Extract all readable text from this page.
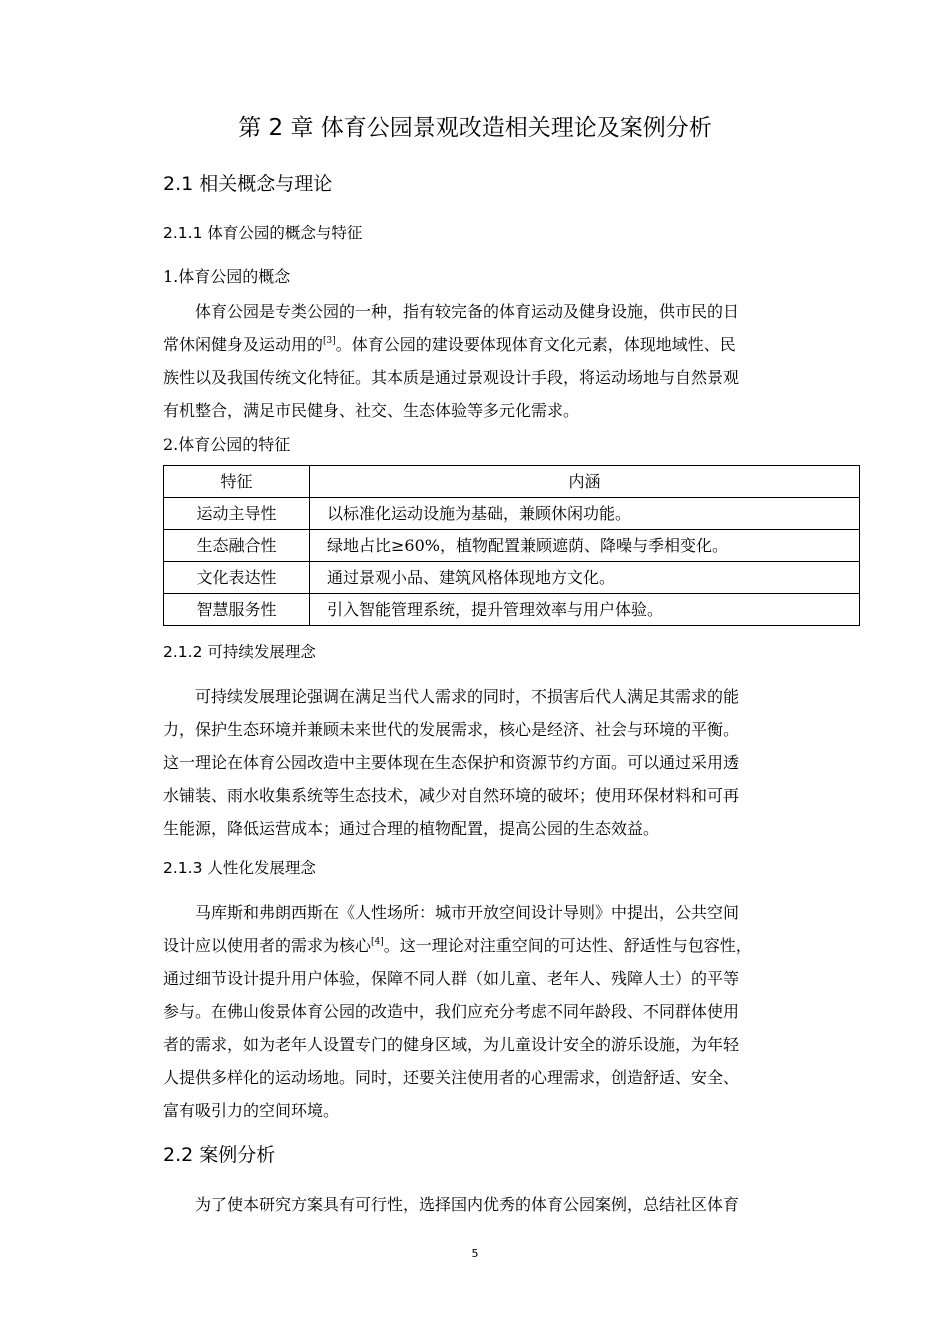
第 2 章 体育公园景观改造相关理论及案例分析
2.1 相关概念与理论
2.1.1 体育公园的概念与特征
1.体育公园的概念
体育公园是专类公园的一种，指有较完备的体育运动及健身设施，供市民的日
常休闲健身及运动用的[3]。体育公园的建设要体现体育文化元素，体现地域性、民
族性以及我国传统文化特征。其本质是通过景观设计手段，将运动场地与自然景观
有机整合，满足市民健身、社交、生态体验等多元化需求。
2.体育公园的特征
特征	内涵
运动主导性	以标准化运动设施为基础，兼顾休闲功能。
生态融合性	绿地占比≥60%，植物配置兼顾遮荫、降噪与季相变化。
文化表达性	通过景观小品、建筑风格体现地方文化。
智慧服务性	引入智能管理系统，提升管理效率与用户体验。
2.1.2 可持续发展理念
可持续发展理论强调在满足当代人需求的同时，不损害后代人满足其需求的能
力，保护生态环境并兼顾未来世代的发展需求，核心是经济、社会与环境的平衡。
这一理论在体育公园改造中主要体现在生态保护和资源节约方面。可以通过采用透
水铺装、雨水收集系统等生态技术，减少对自然环境的破坏；使用环保材料和可再
生能源，降低运营成本；通过合理的植物配置，提高公园的生态效益。
2.1.3 人性化发展理念
马库斯和弗朗西斯在《人性场所：城市开放空间设计导则》中提出，公共空间
设计应以使用者的需求为核心[4]。这一理论对注重空间的可达性、舒适性与包容性，
通过细节设计提升用户体验，保障不同人群（如儿童、老年人、残障人士）的平等
参与。在佛山俊景体育公园的改造中，我们应充分考虑不同年龄段、不同群体使用
者的需求，如为老年人设置专门的健身区域，为儿童设计安全的游乐设施，为年轻
人提供多样化的运动场地。同时，还要关注使用者的心理需求，创造舒适、安全、
富有吸引力的空间环境。
2.2 案例分析
为了使本研究方案具有可行性，选择国内优秀的体育公园案例，总结社区体育
5
